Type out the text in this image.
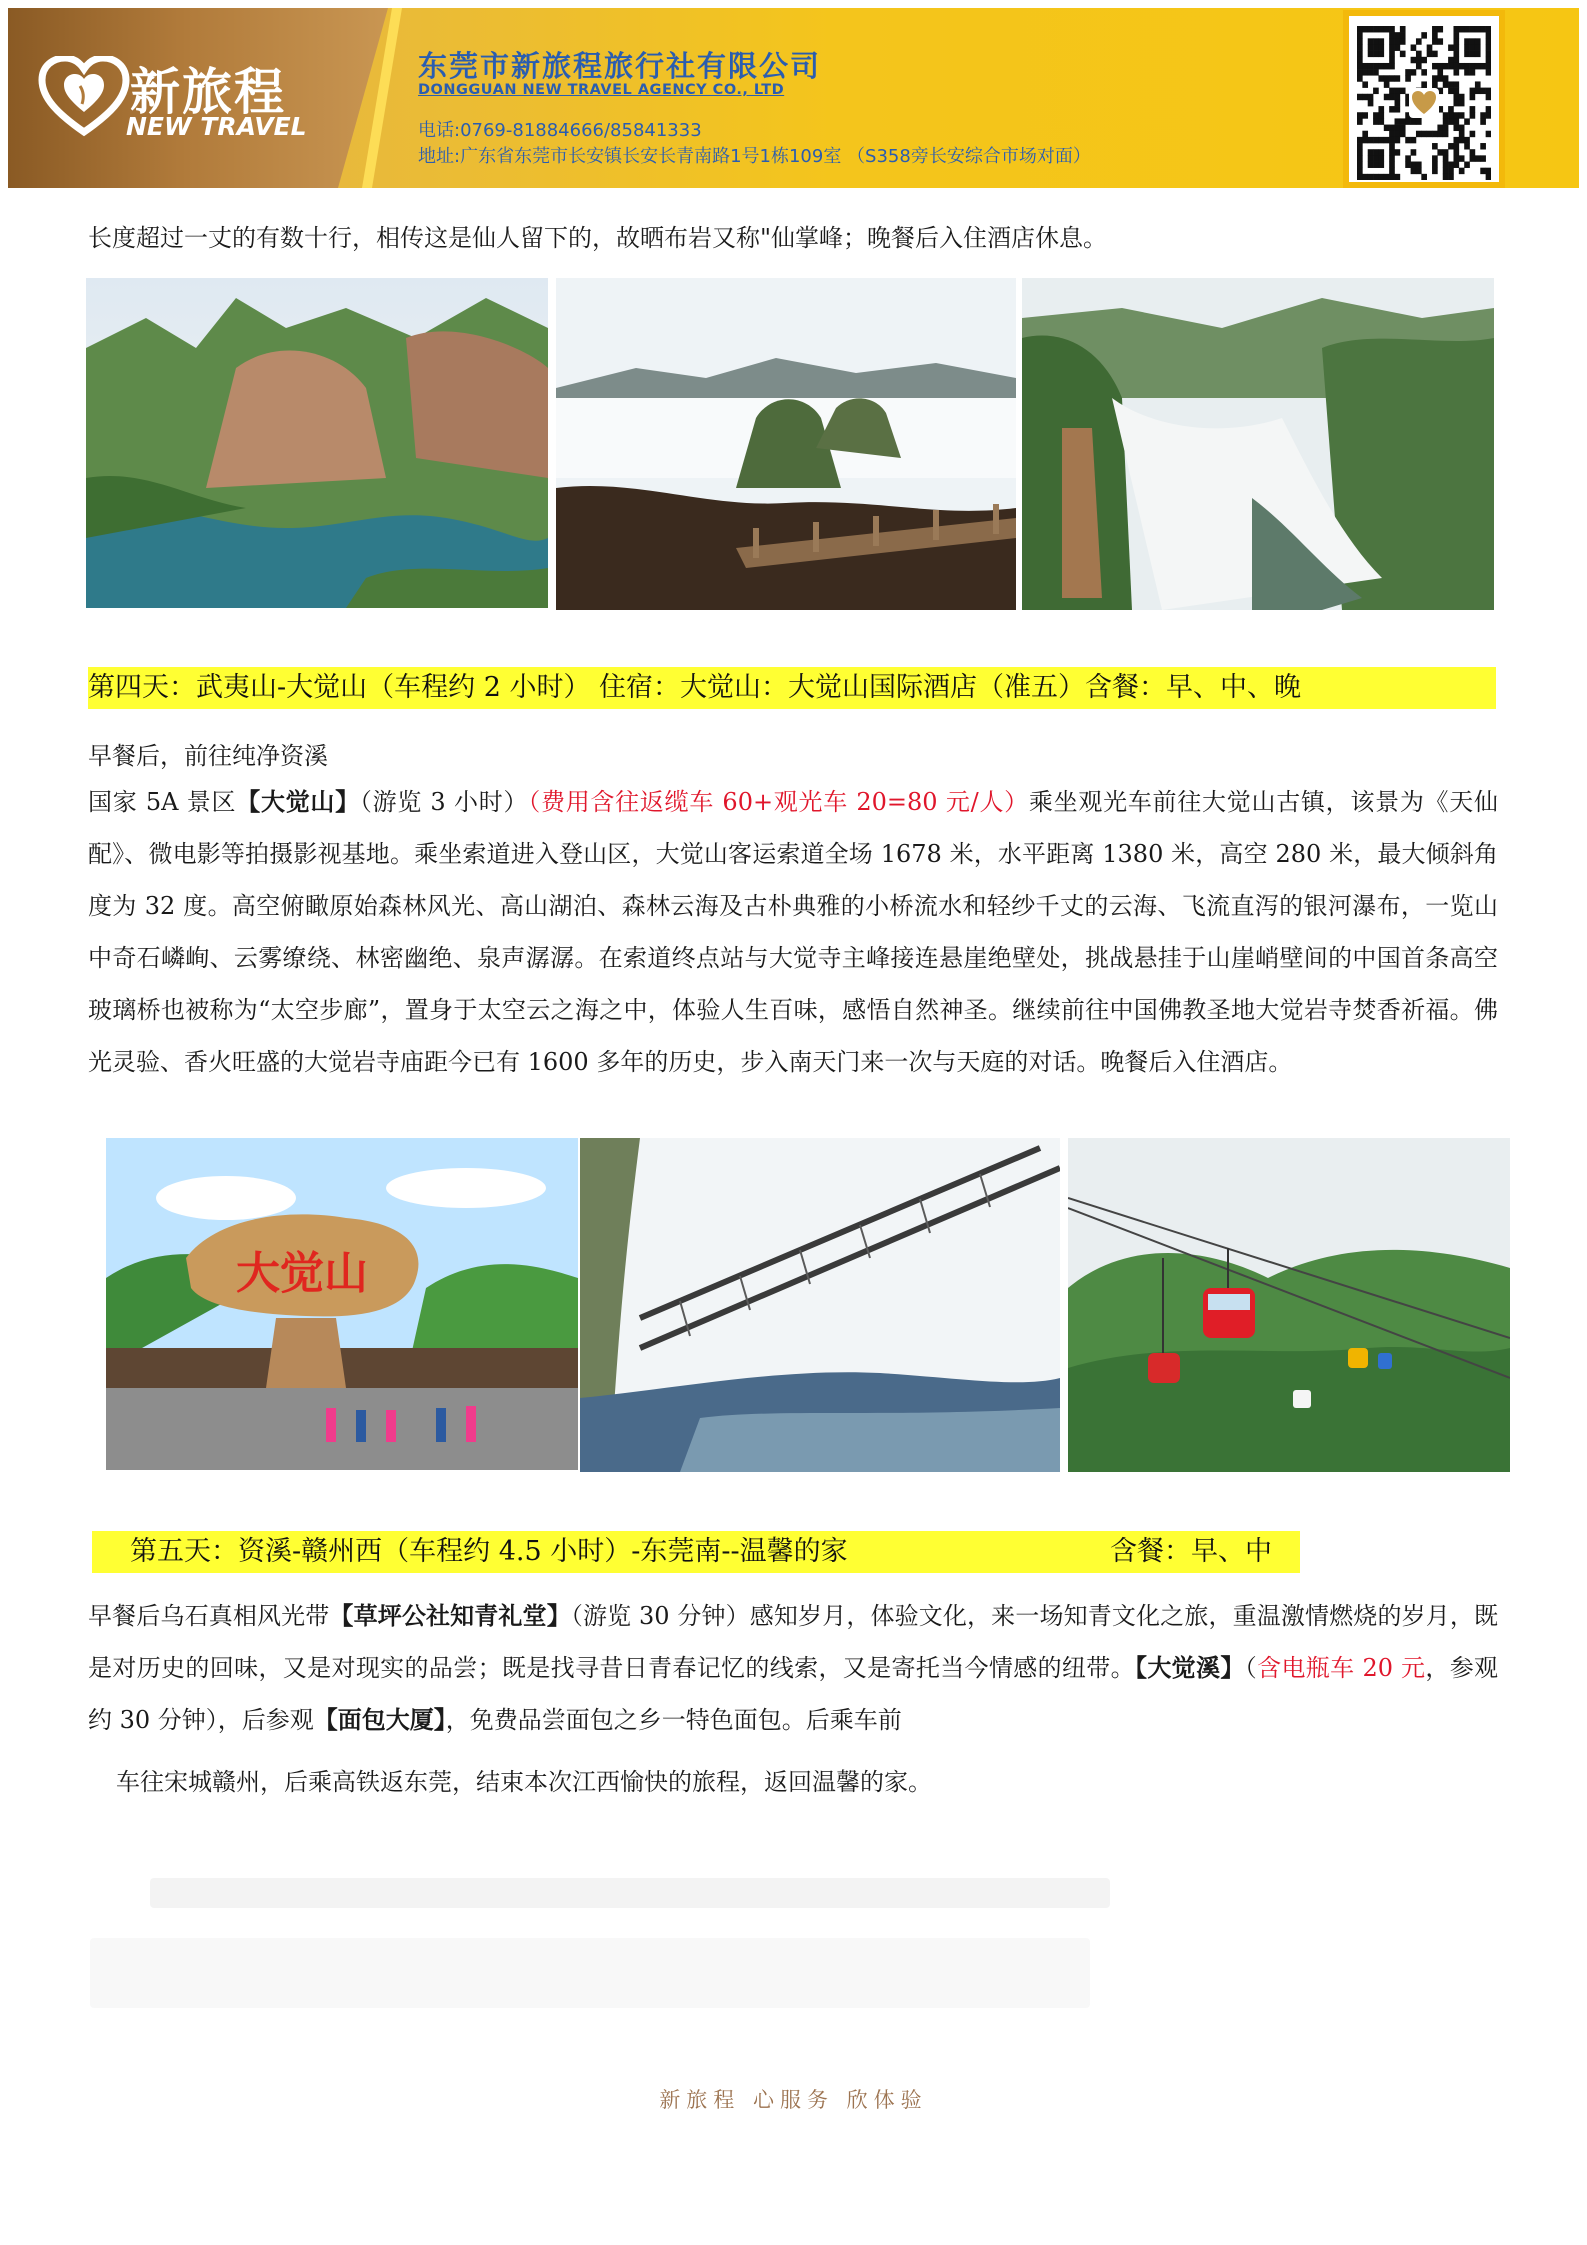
新旅程
NEW TRAVEL
东莞市新旅程旅行社有限公司
DONGGUAN NEW TRAVEL AGENCY CO., LTD
电话:0769-81884666/85841333
地址:广东省东莞市长安镇长安长青南路1号1栋109室 （S358旁长安综合市场对面）
长度超过一丈的有数十行，相传这是仙人留下的，故晒布岩又称"仙掌峰；晚餐后入住酒店休息。
第四天：武夷山-大觉山（车程约 2 小时） 住宿：大觉山：大觉山国际酒店（准五）含餐：早、中、晚
早餐后，前往纯净资溪
国家 5A 景区【大觉山】（游览 3 小时）（费用含往返缆车 60+观光车 20=80 元/人）乘坐观光车前往大觉山古镇，该景为《天仙配》、微电影等拍摄影视基地。乘坐索道进入登山区，大觉山客运索道全场 1678 米，水平距离 1380 米，高空 280 米，最大倾斜角度为 32 度。高空俯瞰原始森林风光、高山湖泊、森林云海及古朴典雅的小桥流水和轻纱千丈的云海、飞流直泻的银河瀑布，一览山中奇石嶙峋、云雾缭绕、林密幽绝、泉声潺潺。在索道终点站与大觉寺主峰接连悬崖绝壁处，挑战悬挂于山崖峭壁间的中国首条高空玻璃桥也被称为“太空步廊”，置身于太空云之海之中，体验人生百味，感悟自然神圣。继续前往中国佛教圣地大觉岩寺焚香祈福。佛光灵验、香火旺盛的大觉岩寺庙距今已有 1600 多年的历史，步入南天门来一次与天庭的对话。晚餐后入住酒店。
大觉山
第五天：资溪-赣州西（车程约 4.5 小时）-东莞南--温馨的家	含餐：早、中
早餐后乌石真相风光带【草坪公社知青礼堂】（游览 30 分钟）感知岁月，体验文化，来一场知青文化之旅，重温激情燃烧的岁月，既是对历史的回味，又是对现实的品尝；既是找寻昔日青春记忆的线索，又是寄托当今情感的纽带。【大觉溪】（含电瓶车 20 元，参观约 30 分钟），后参观【面包大厦】，免费品尝面包之乡一特色面包。后乘车前
车往宋城赣州，后乘高铁返东莞，结束本次江西愉快的旅程，返回温馨的家。
新旅程 心服务 欣体验
